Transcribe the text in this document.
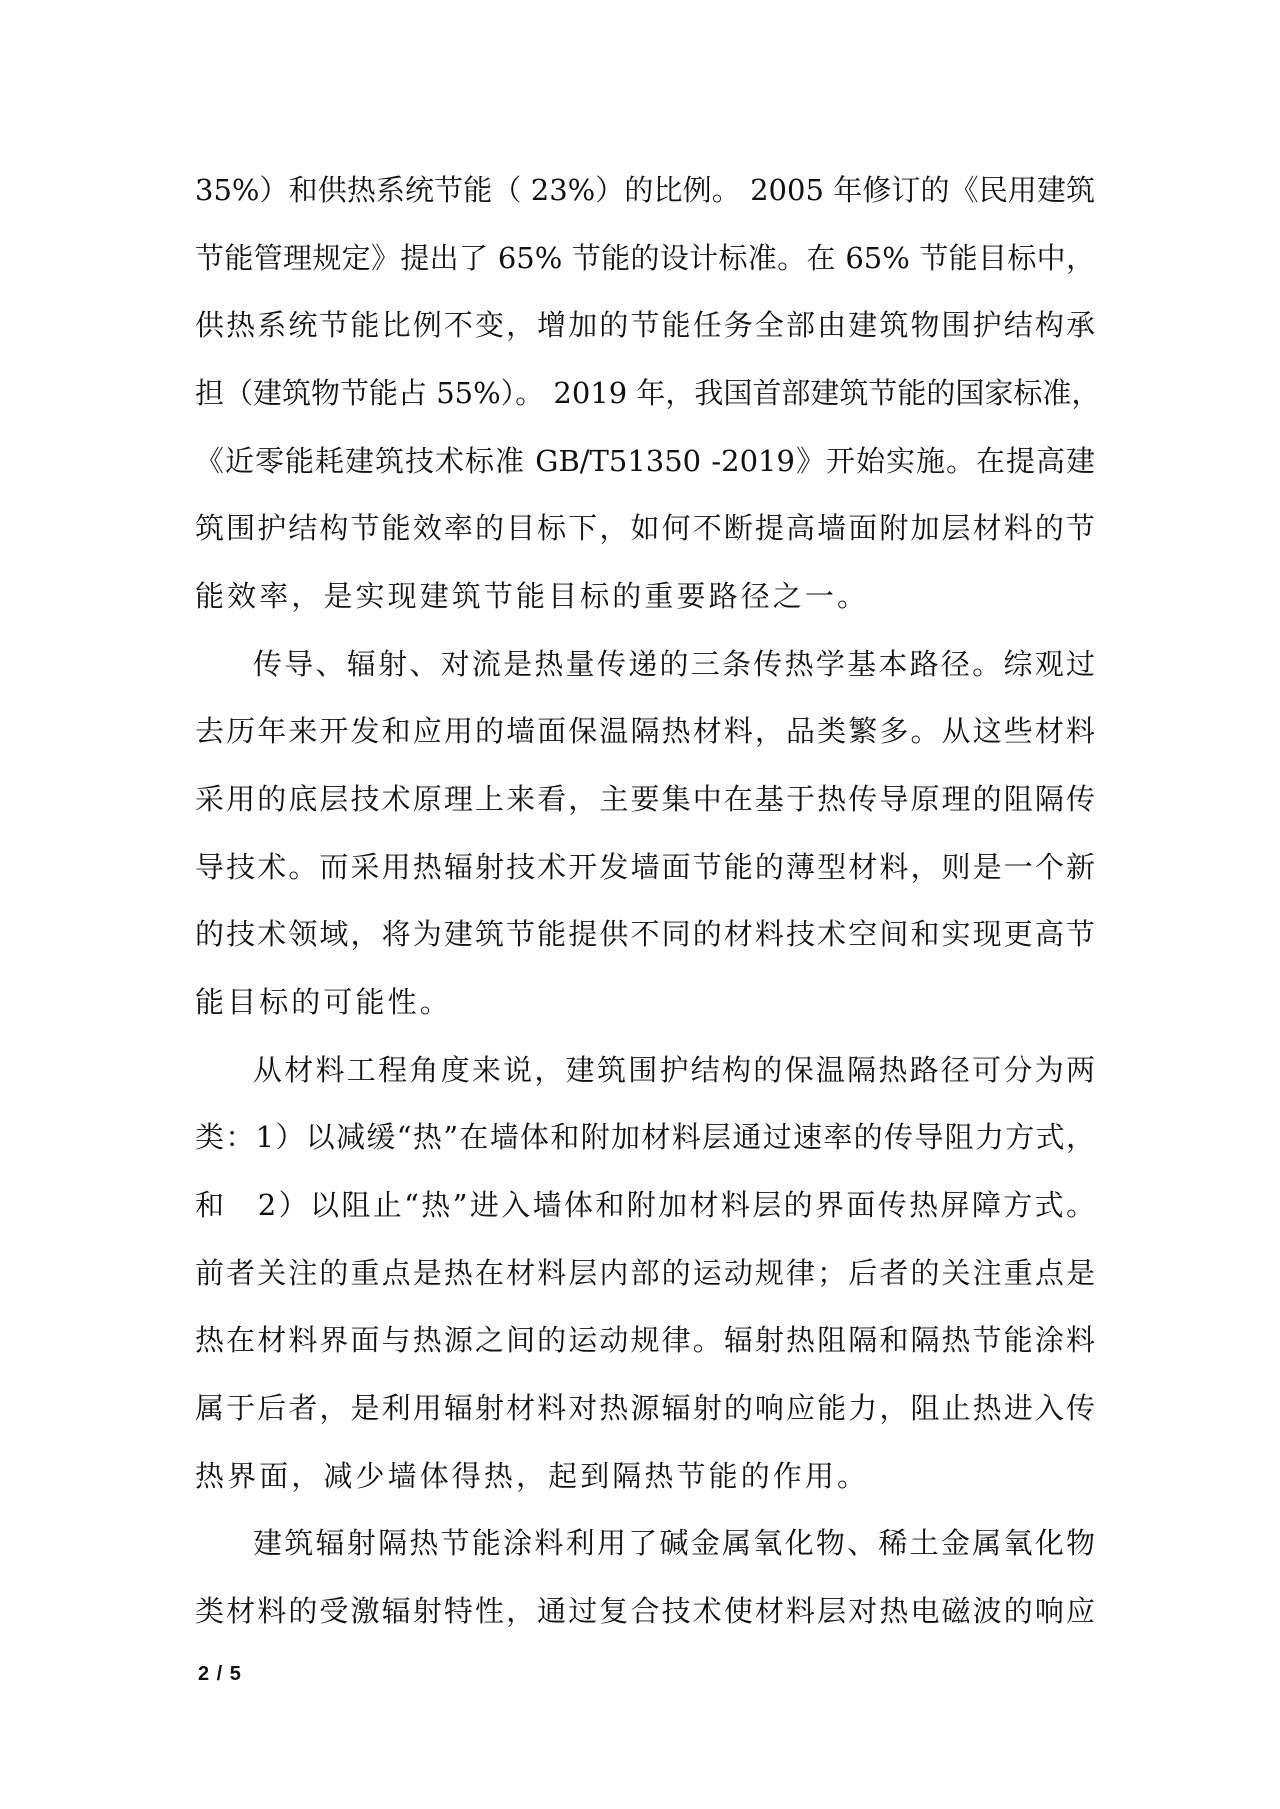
35%）和供热系统节能（ 23%）的比例。 2005 年修订的《民用建筑
节能管理规定》提出了 65% 节能的设计标准。在 65% 节能目标中，
供热系统节能比例不变，增加的节能任务全部由建筑物围护结构承
担（建筑物节能占 55%）。 2019 年，我国首部建筑节能的国家标准，
《近零能耗建筑技术标准 GB/T51350 -2019》开始实施。在提高建
筑围护结构节能效率的目标下，如何不断提高墙面附加层材料的节
能效率，是实现建筑节能目标的重要路径之一。
传导、辐射、对流是热量传递的三条传热学基本路径。综观过
去历年来开发和应用的墙面保温隔热材料，品类繁多。从这些材料
采用的底层技术原理上来看，主要集中在基于热传导原理的阻隔传
导技术。而采用热辐射技术开发墙面节能的薄型材料，则是一个新
的技术领域，将为建筑节能提供不同的材料技术空间和实现更高节
能目标的可能性。
从材料工程角度来说，建筑围护结构的保温隔热路径可分为两
类：1）以减缓“热”在墙体和附加材料层通过速率的传导阻力方式，
和　2）以阻止“热”进入墙体和附加材料层的界面传热屏障方式。
前者关注的重点是热在材料层内部的运动规律；后者的关注重点是
热在材料界面与热源之间的运动规律。辐射热阻隔和隔热节能涂料
属于后者，是利用辐射材料对热源辐射的响应能力，阻止热进入传
热界面，减少墙体得热，起到隔热节能的作用。
建筑辐射隔热节能涂料利用了碱金属氧化物、稀土金属氧化物
类材料的受激辐射特性，通过复合技术使材料层对热电磁波的响应
2 / 5
